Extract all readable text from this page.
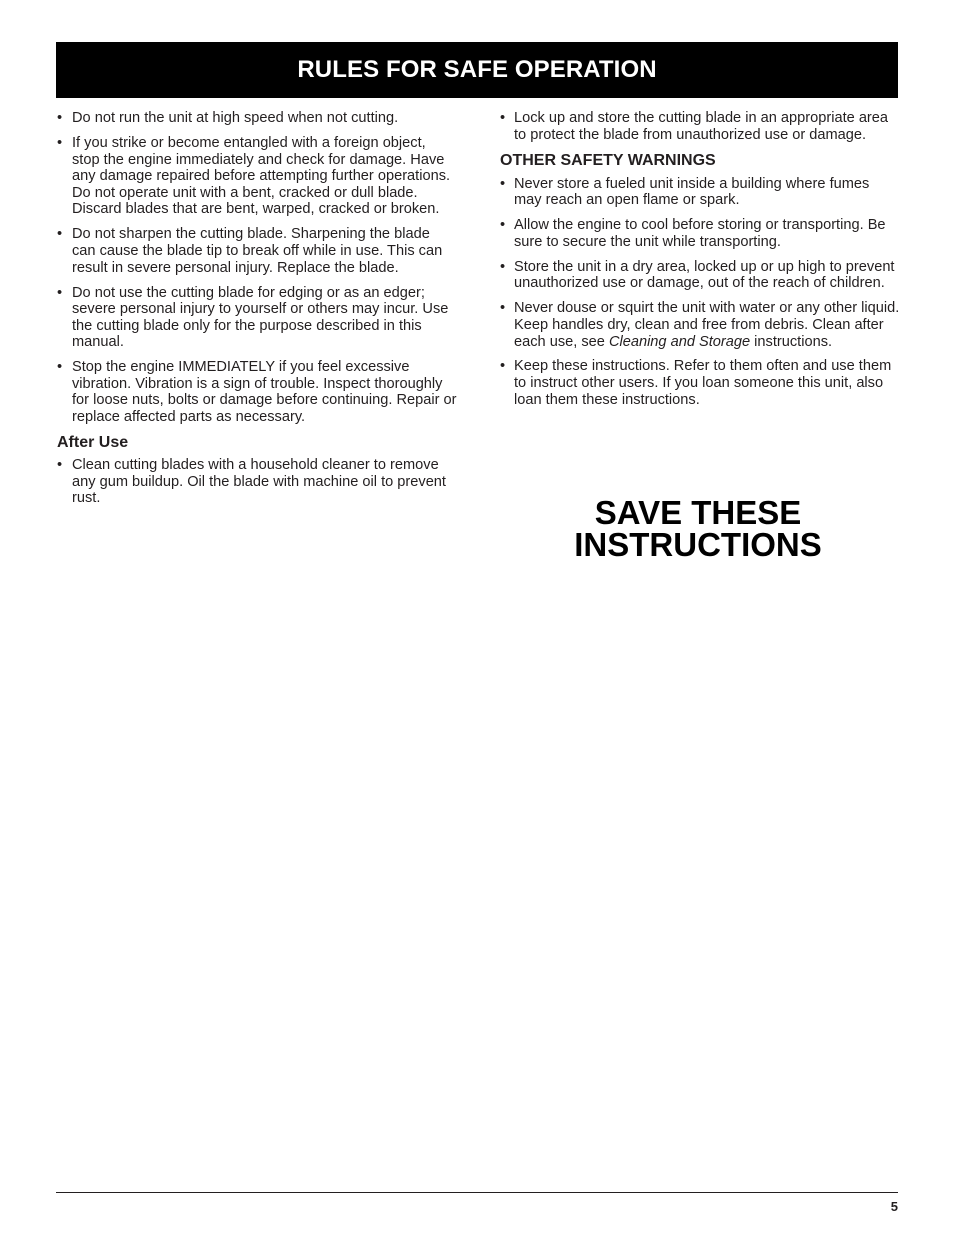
RULES FOR SAFE OPERATION
• Do not run the unit at high speed when not cutting.
• If you strike or become entangled with a foreign object, stop the engine immediately and check for damage. Have any damage repaired before attempting further operations. Do not operate unit with a bent, cracked or dull blade. Discard blades that are bent, warped, cracked or broken.
• Do not sharpen the cutting blade. Sharpening the blade can cause the blade tip to break off while in use. This can result in severe personal injury. Replace the blade.
• Do not use the cutting blade for edging or as an edger; severe personal injury to yourself or others may incur. Use the cutting blade only for the purpose described in this manual.
• Stop the engine IMMEDIATELY if you feel excessive vibration. Vibration is a sign of trouble. Inspect thoroughly for loose nuts, bolts or damage before continuing. Repair or replace affected parts as necessary.
After Use
• Clean cutting blades with a household cleaner to remove any gum buildup. Oil the blade with machine oil to prevent rust.
• Lock up and store the cutting blade in an appropriate area to protect the blade from unauthorized use or damage.
OTHER SAFETY WARNINGS
• Never store a fueled unit inside a building where fumes may reach an open flame or spark.
• Allow the engine to cool before storing or transporting. Be sure to secure the unit while transporting.
• Store the unit in a dry area, locked up or up high to prevent unauthorized use or damage, out of the reach of children.
• Never douse or squirt the unit with water or any other liquid. Keep handles dry, clean and free from debris. Clean after each use, see Cleaning and Storage instructions.
• Keep these instructions. Refer to them often and use them to instruct other users. If you loan someone this unit, also loan them these instructions.
SAVE THESE
INSTRUCTIONS
5
